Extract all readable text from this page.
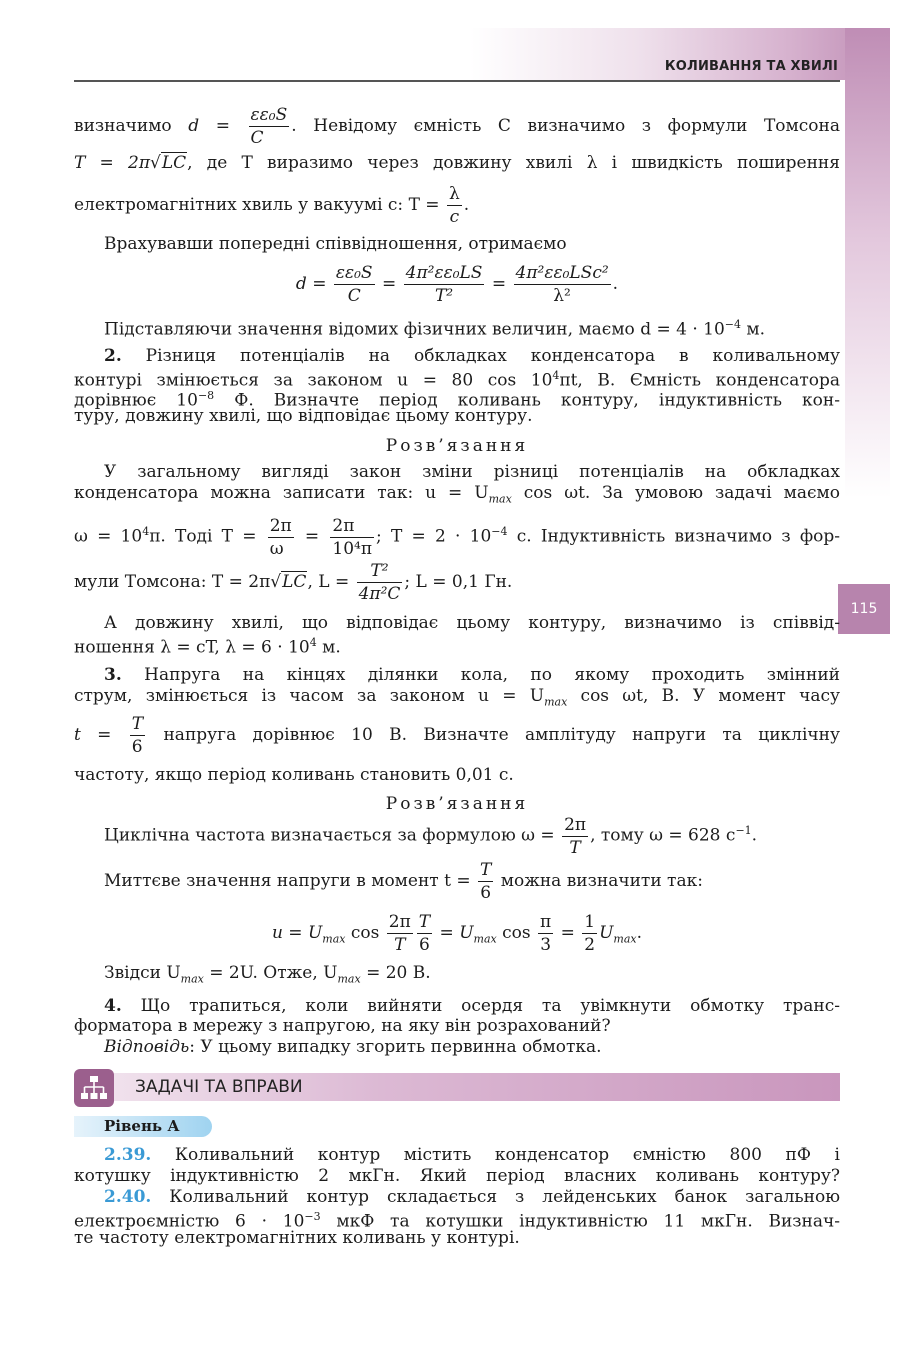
КОЛИВАННЯ ТА ХВИЛІ
115
визначимо $d = \frac{\text{εε₀S}}{C}$ . Невідому ємність C визначимо з формули Томсона
T = 2π√LC, де T виразимо через довжину хвилі λ і швидкість поширення
електромагнітних хвиль у вакуумі c: $T = \frac{\lambda}{c}$ .
Врахувавши попередні співвідношення, отримаємо
$d = \frac{\text{εε₀S}}{C} = \frac{\text{4π²εε₀LS}}{\text{T²}} = \frac{\text{4π²εε₀LSc²}}{\text{λ²}}$ .
Підставляючи значення відомих фізичних величин, маємо $d = 4 \cdot 10^{-4}$ м.
2. Різниця потенціалів на обкладках конденсатора в коливальному
контурі змінюється за законом u = 80 $\cos 10^4\pi t$, В. Ємність конденсатора
дорівнює $10^{-8}$ Ф. Визначте період коливань контуру, індуктивність кон-
туру, довжину хвилі, що відповідає цьому контуру.
Розв’язання
У загальному вигляді закон зміни різниці потенціалів на обкладках
конденсатора можна записати так: $u = U_{max}$ cos ωt. За умовою задачі маємо
$\omega = 10^4\pi$. Тоді $T = \frac{2\pi}{\omega} = \frac{2\pi}{\text{10⁴π}}$ ; $T = 2 \cdot 10^{-4}$ с. Індуктивність визначимо з фор-
мули Томсона: T = 2π√LC, $L = \frac{\text{T²}}{\text{4π²C}}$ ; L = 0,1 Гн.
А довжину хвилі, що відповідає цьому контуру, визначимо із співвід-
ношення λ = cT, $\lambda = 6 \cdot 10^4$ м.
3. Напруга на кінцях ділянки кола, по якому проходить змінний
струм, змінюється із часом за законом $u = U_{max}$ cos ωt, В. У момент часу
$t = \frac{T}{6}$ напруга дорівнює 10 В. Визначте амплітуду напруги та циклічну
частоту, якщо період коливань становить 0,01 с.
Розв’язання
Циклічна частота визначається за формулою $\omega = \frac{2\pi}{T}$ , тому ω = 628 $с^{-1}$.
Миттєве значення напруги в момент $t = \frac{T}{6}$ можна визначити так:
$u = U_{max}$ $\cos \frac{2\pi}{T} \frac{T}{6} = U_{max}$ $\cos \frac{\pi}{3} = \frac{1}{2} U_{max}$.
Звідси $U_{max} = 2U$. Отже, $U_{max} = 20$ В.
4. Що трапиться, коли вийняти осердя та увімкнути обмотку транс-
форматора в мережу з напругою, на яку він розрахований?
Відповідь: У цьому випадку згорить первинна обмотка.
ЗАДАЧІ ТА ВПРАВИ
Рівень А
2.39. Коливальний контур містить конденсатор ємністю 800 пФ і
котушку індуктивністю 2 мкГн. Який період власних коливань контуру?
2.40. Коливальний контур складається з лейденських банок загальною
електроємністю $6 \cdot 10^{-3}$ мкФ та котушки індуктивністю 11 мкГн. Визнач-
те частоту електромагнітних коливань у контурі.
